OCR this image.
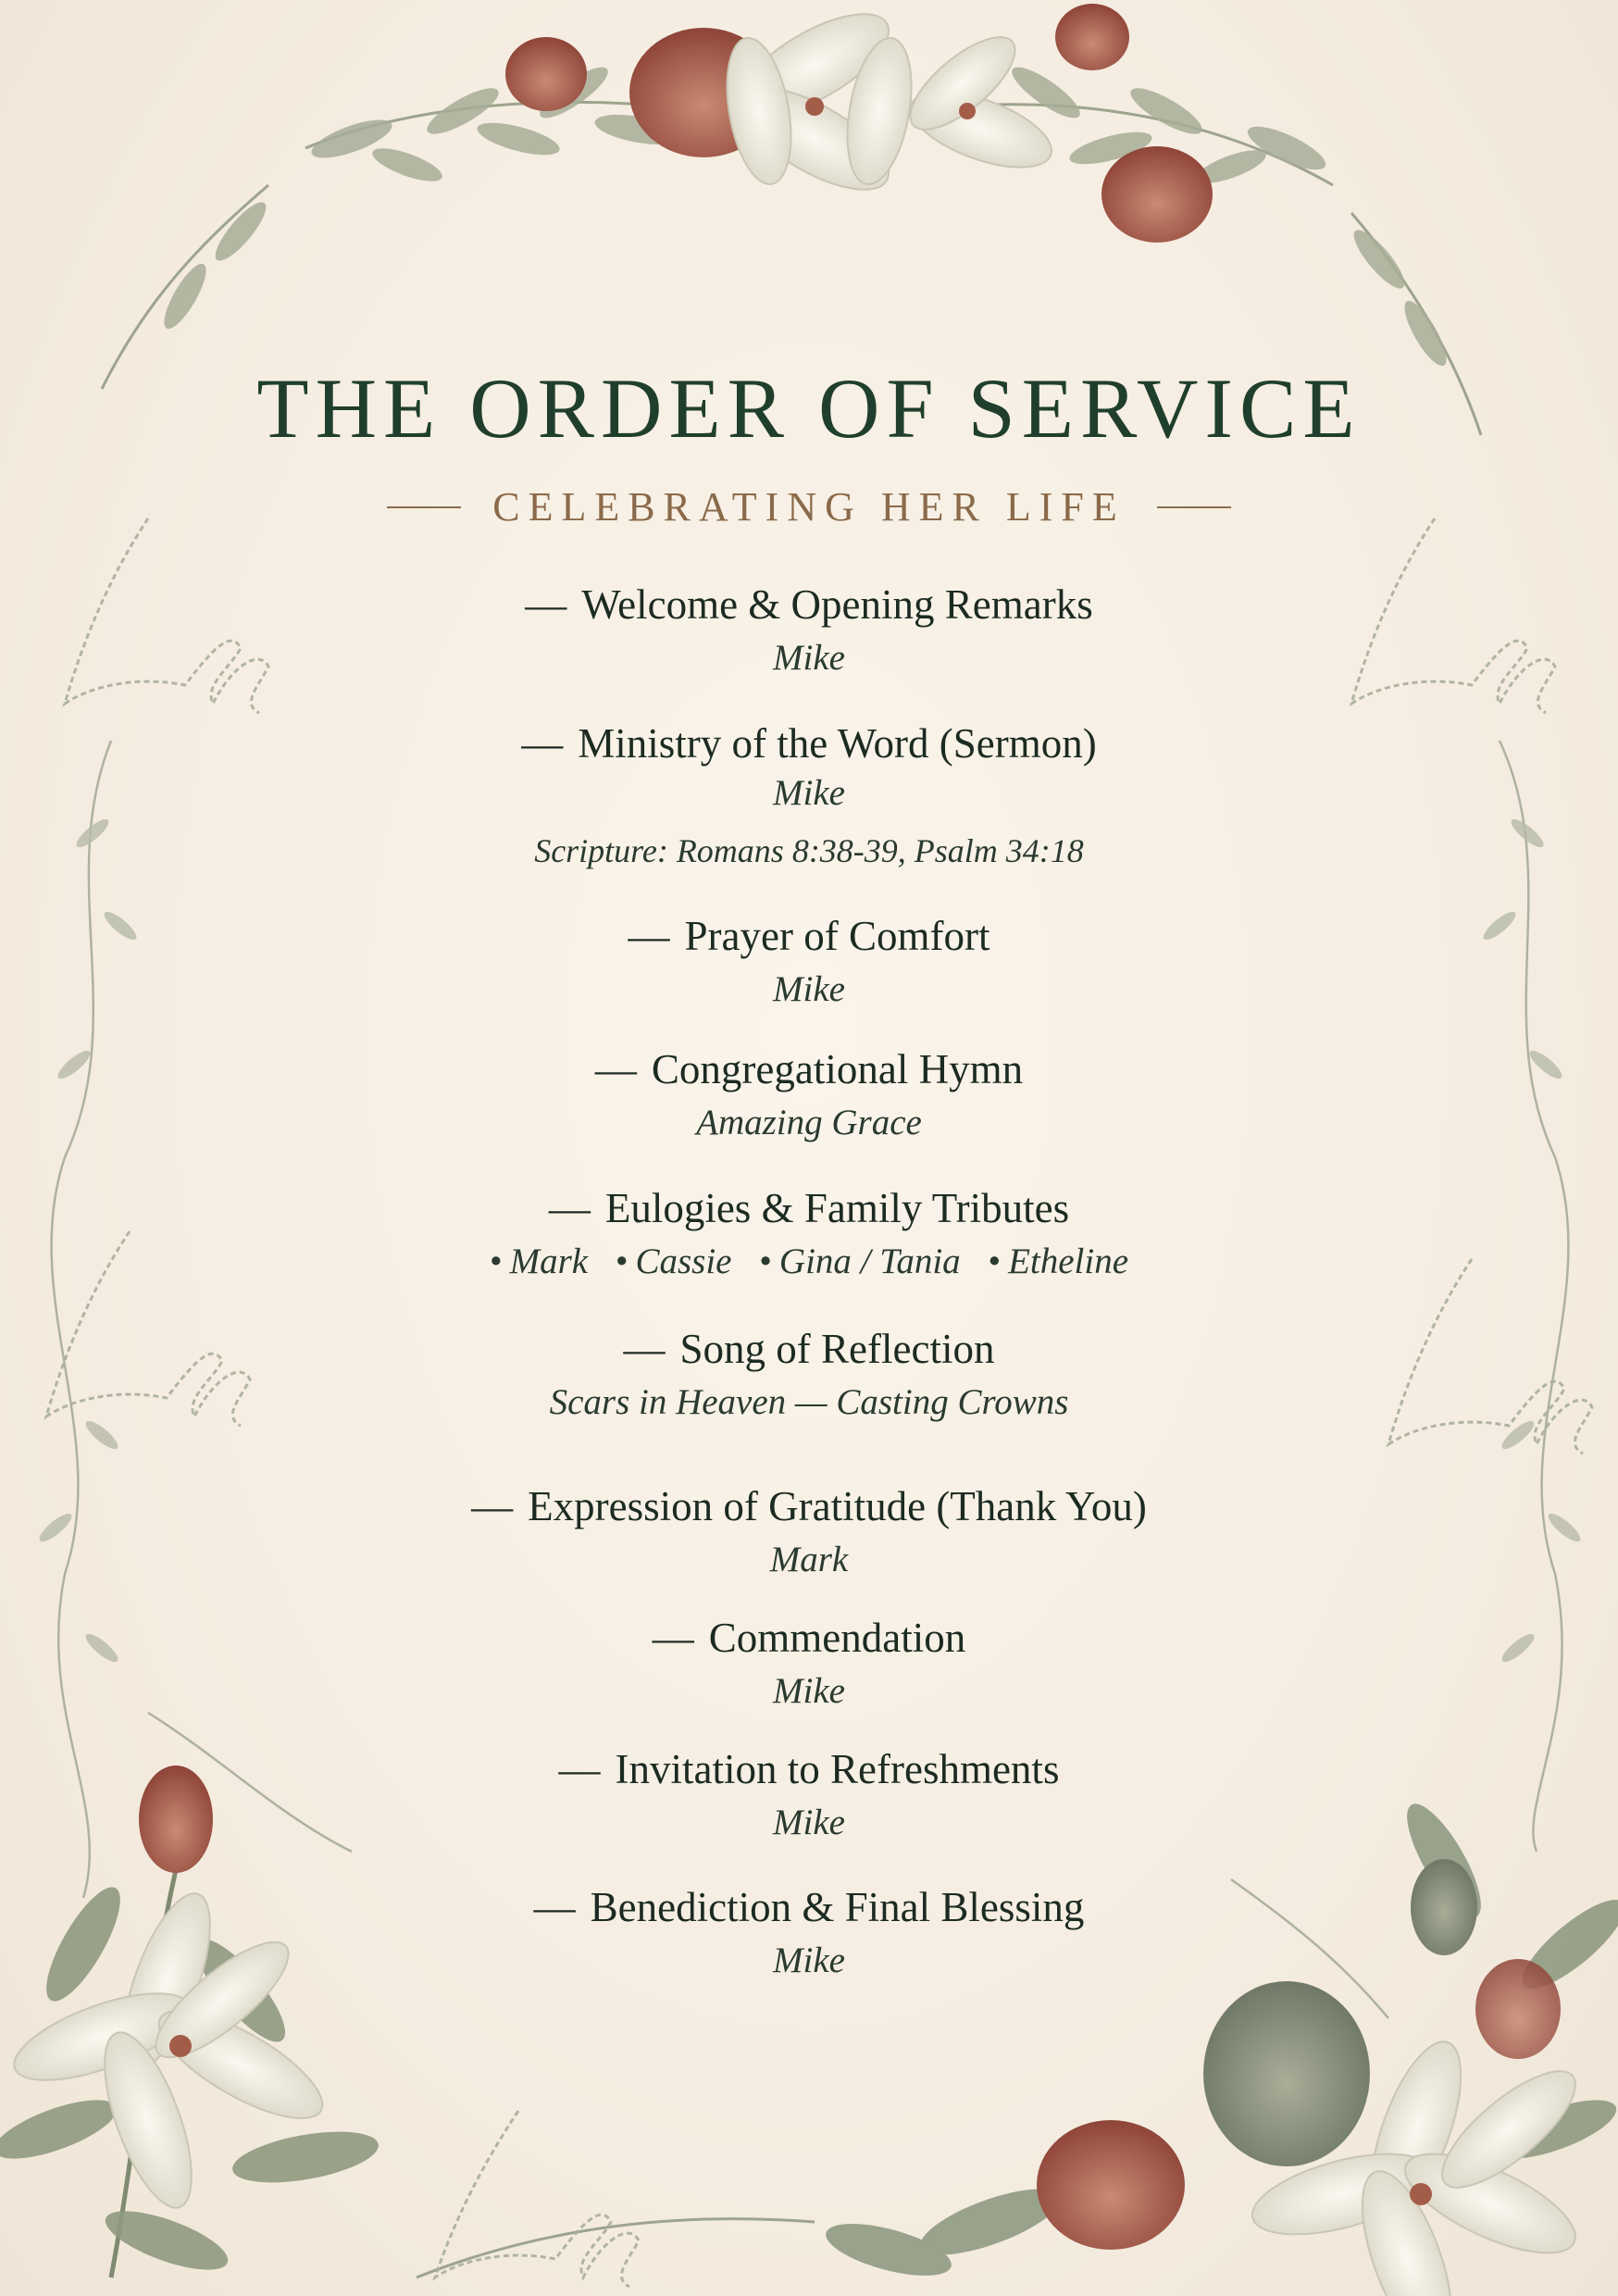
THE ORDER OF SERVICE
CELEBRATING HER LIFE
— Welcome & Opening Remarks
Mike
— Ministry of the Word (Sermon)
Mike
Scripture: Romans 8:38-39, Psalm 34:18
— Prayer of Comfort
Mike
— Congregational Hymn
Amazing Grace
— Eulogies & Family Tributes
• Mark • Cassie • Gina / Tania • Etheline
— Song of Reflection
Scars in Heaven — Casting Crowns
— Expression of Gratitude (Thank You)
Mark
— Commendation
Mike
— Invitation to Refreshments
Mike
— Benediction & Final Blessing
Mike
